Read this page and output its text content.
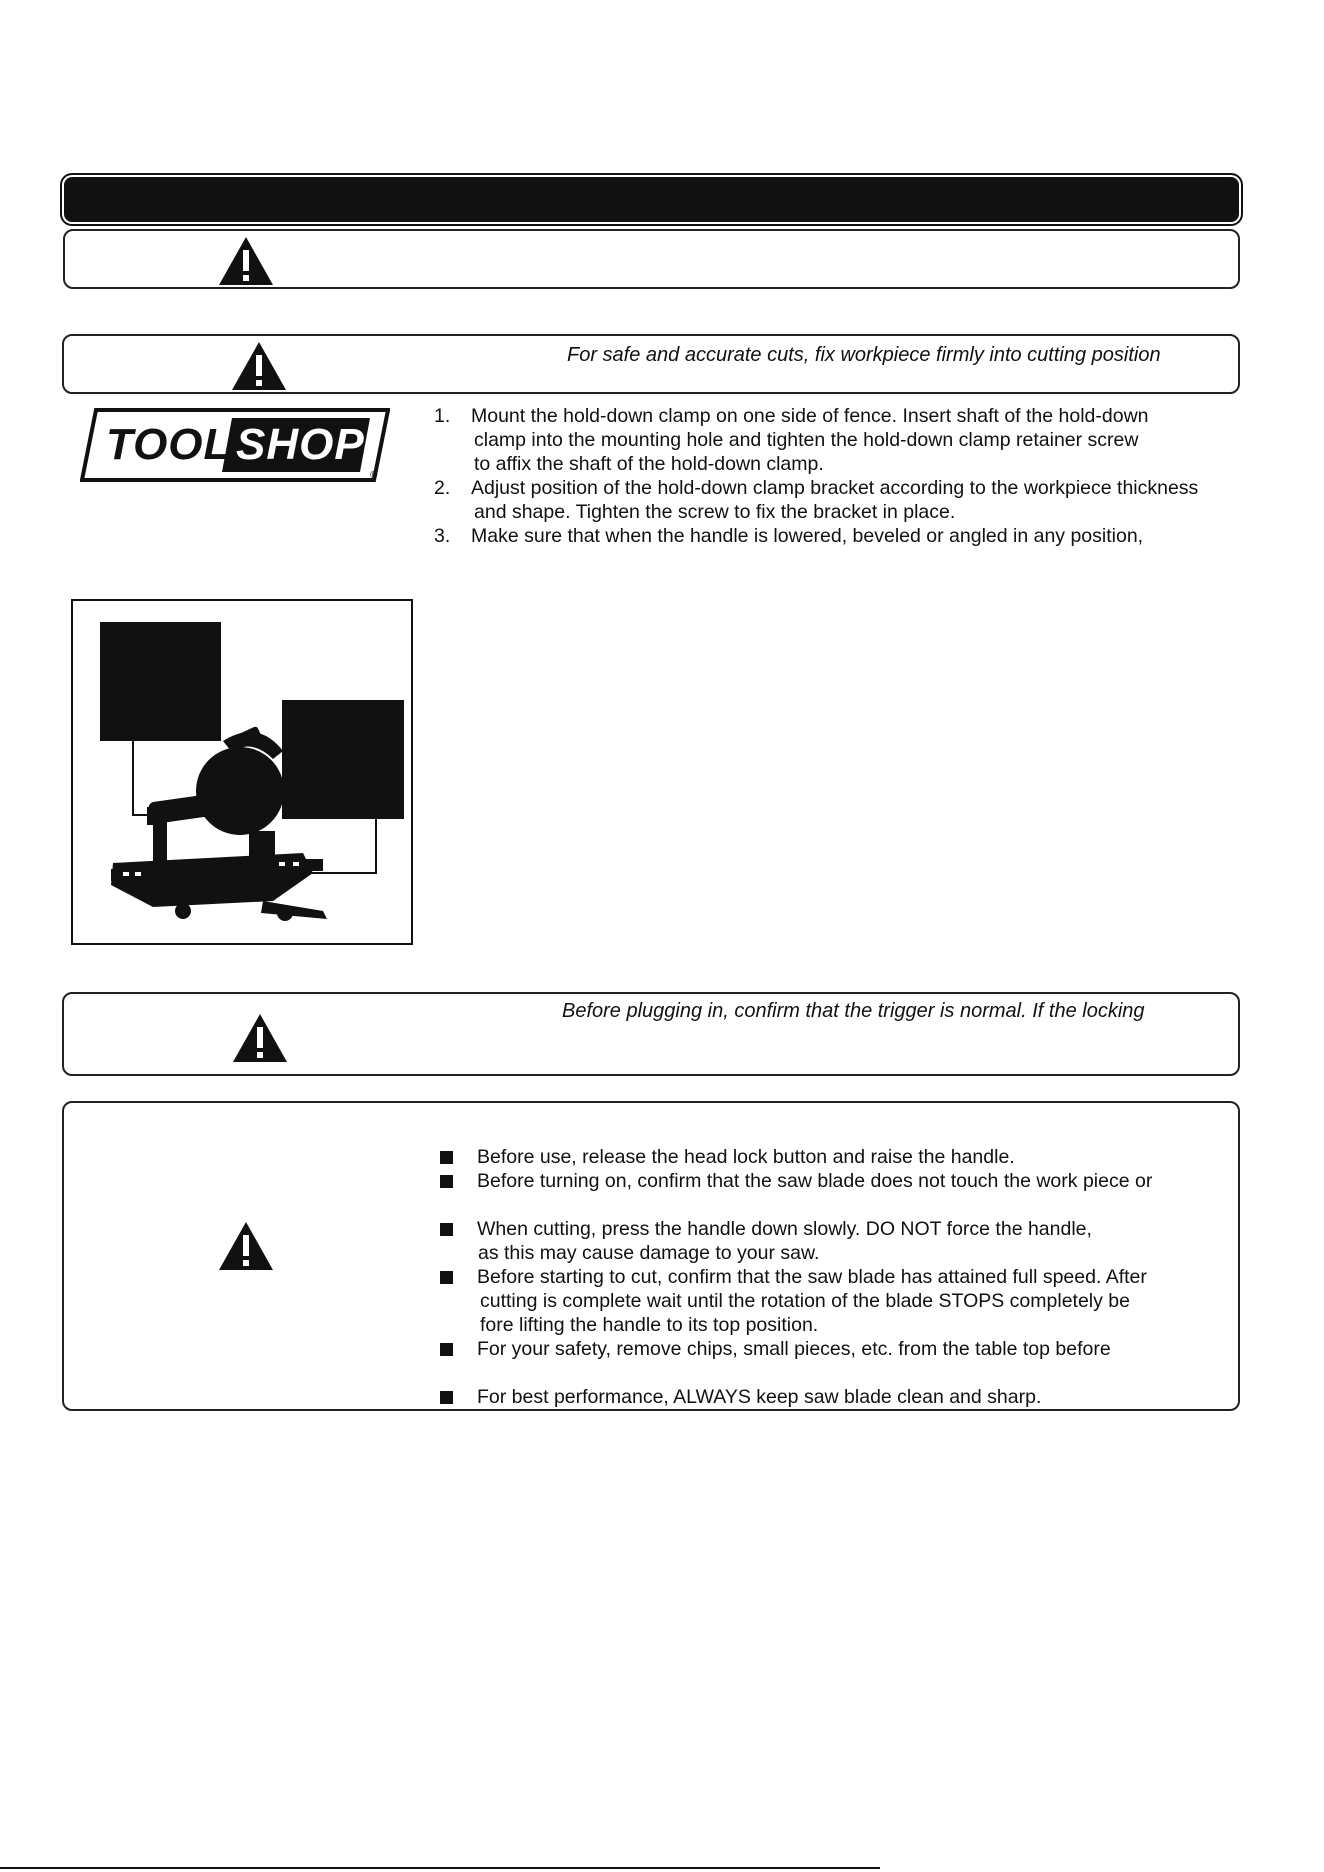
For safe and accurate cuts, fix workpiece firmly into cutting position
TOOL SHOP
®
1. Mount the hold-down clamp on one side of fence. Insert shaft of the hold-down
clamp into the mounting hole and tighten the hold-down clamp retainer screw
to affix the shaft of the hold-down clamp.
2. Adjust position of the hold-down clamp bracket according to the workpiece thickness
and shape. Tighten the screw to fix the bracket in place.
3. Make sure that when the handle is lowered, beveled or angled in any position,
Before plugging in, confirm that the trigger is normal. If the locking
Before use, release the head lock button and raise the handle.
Before turning on, confirm that the saw blade does not touch the work piece or
When cutting, press the handle down slowly. DO NOT force the handle,
as this may cause damage to your saw.
Before starting to cut, confirm that the saw blade has attained full speed. After
cutting is complete wait until the rotation of the blade STOPS completely be
fore lifting the handle to its top position.
For your safety, remove chips, small pieces, etc. from the table top before
For best performance, ALWAYS keep saw blade clean and sharp.
